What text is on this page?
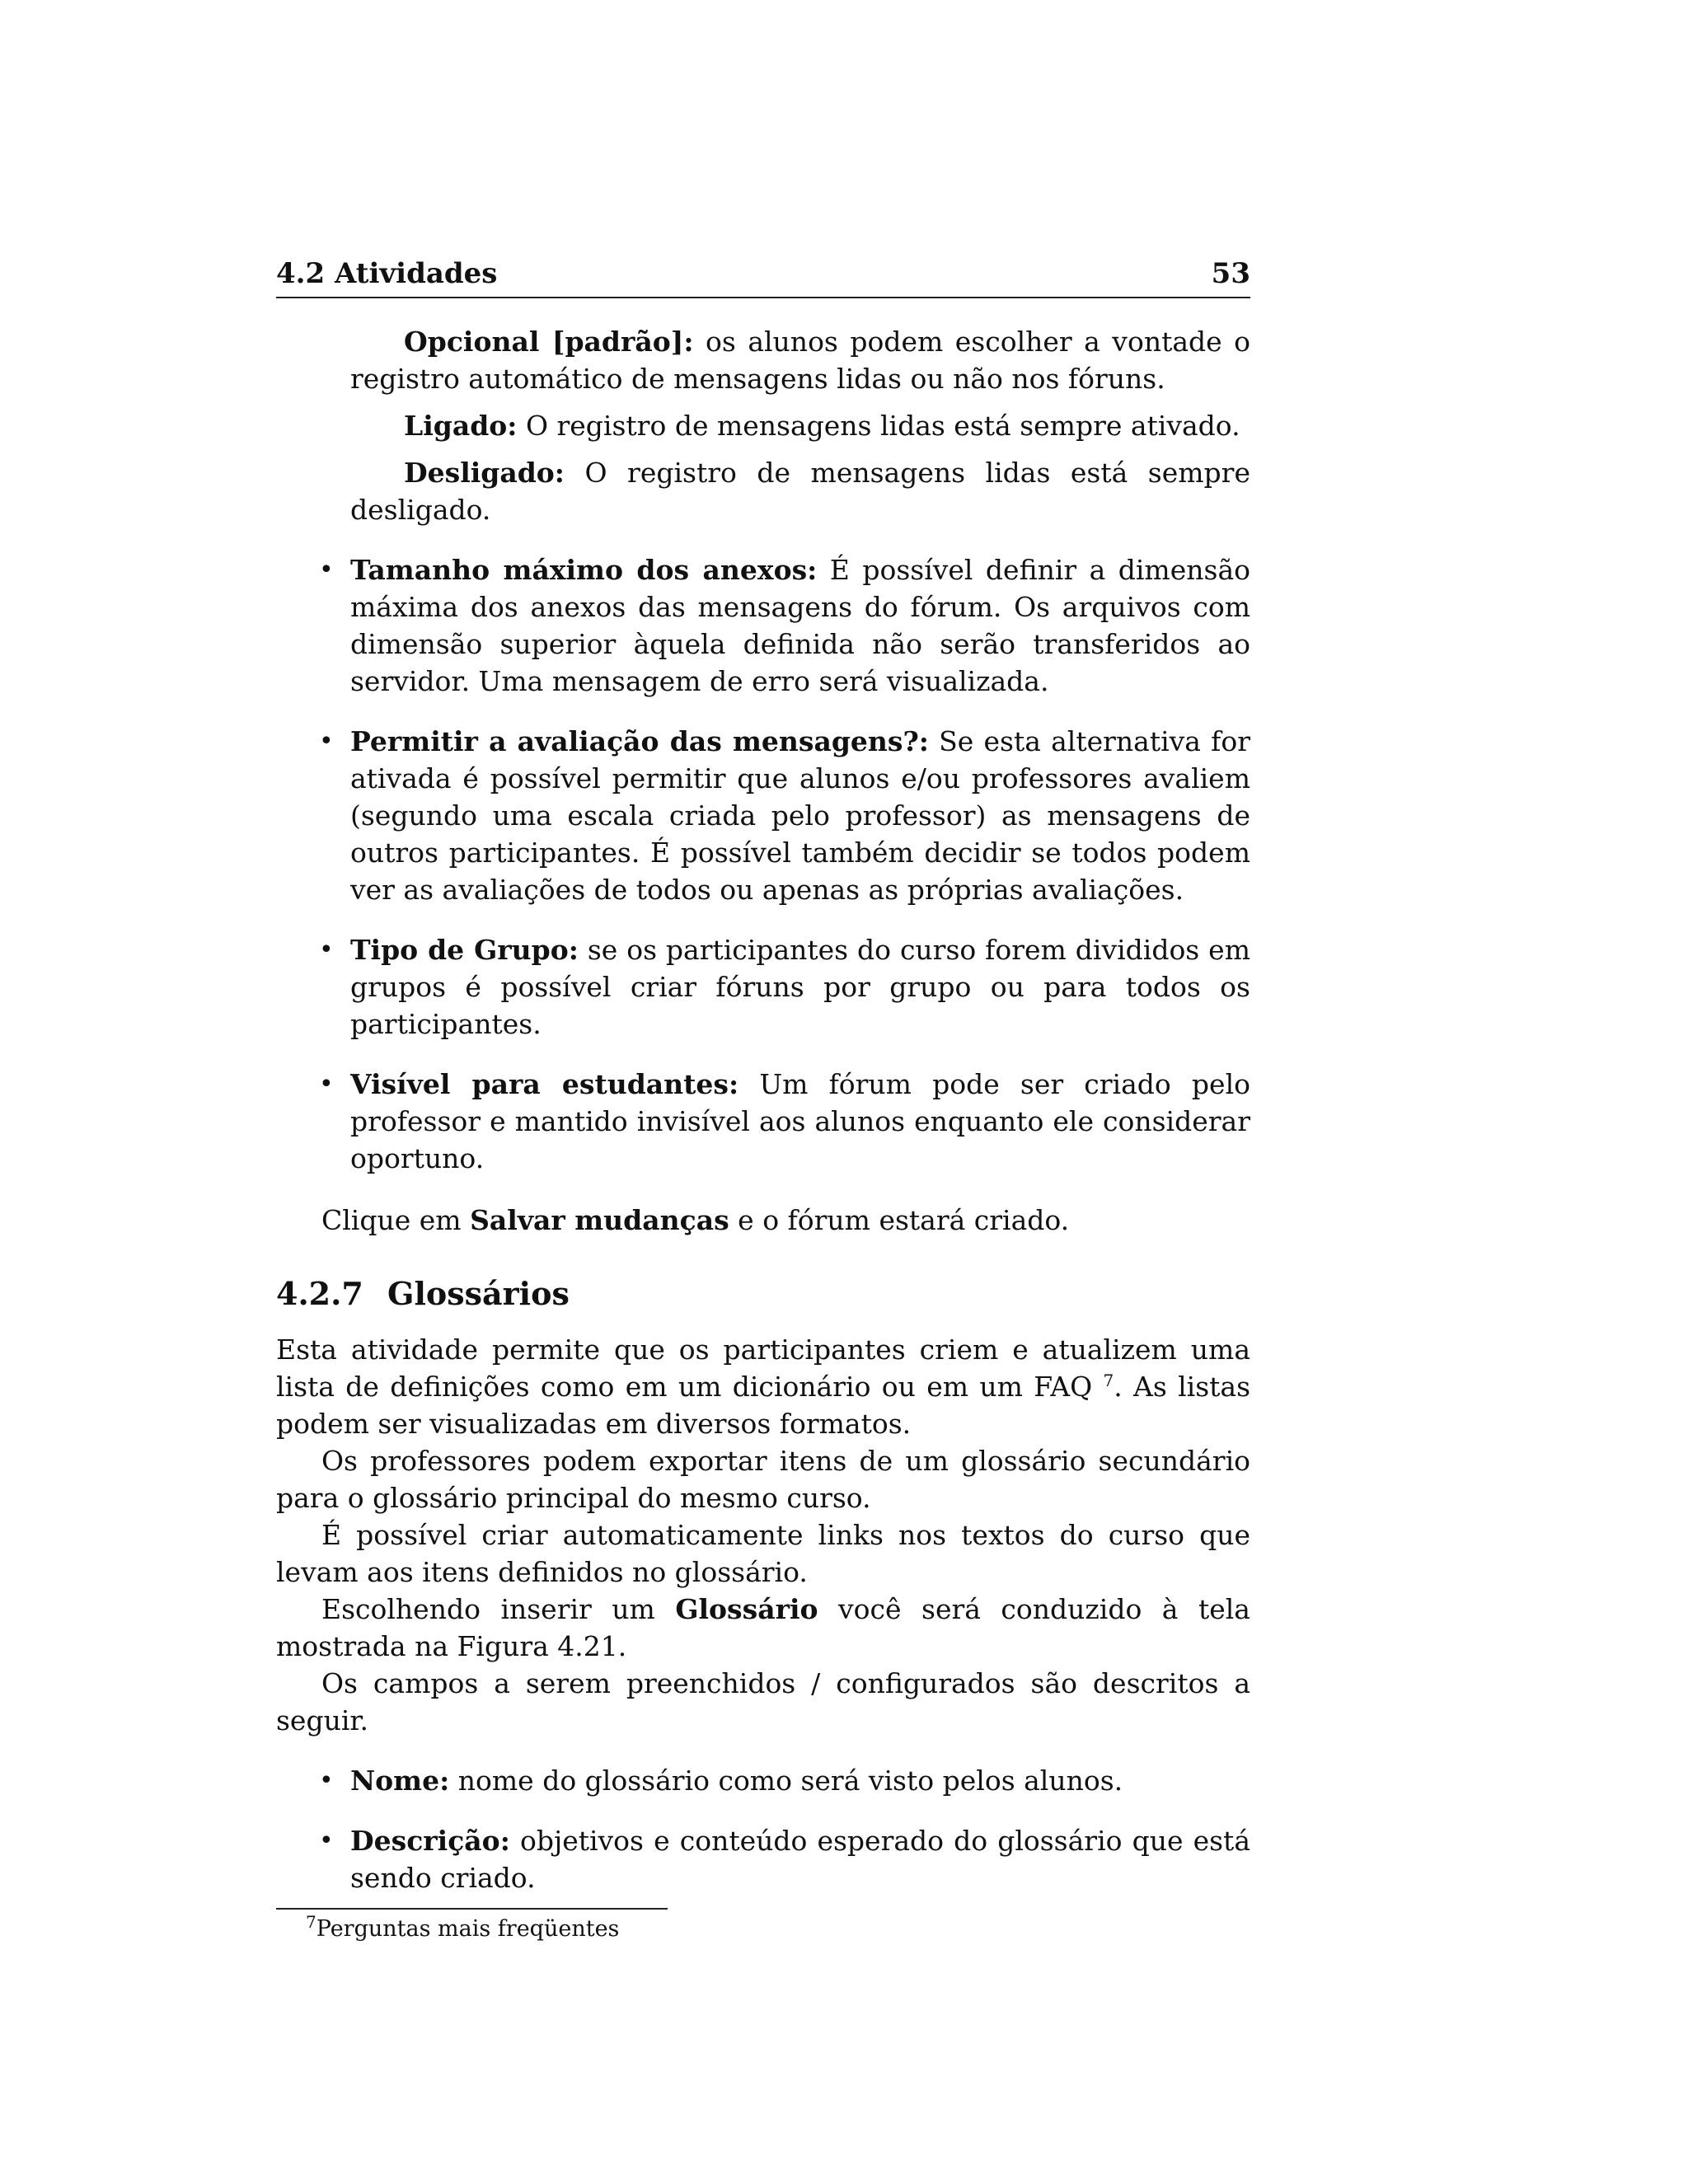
4.2 Atividades	53

Opcional [padrão]: os alunos podem escolher a vontade o registro automático de mensagens lidas ou não nos fóruns.

Ligado: O registro de mensagens lidas está sempre ativado.

Desligado: O registro de mensagens lidas está sempre desligado.

• Tamanho máximo dos anexos: É possível definir a dimensão máxima dos anexos das mensagens do fórum. Os arquivos com dimensão superior àquela definida não serão transferidos ao servidor. Uma mensagem de erro será visualizada.
• Permitir a avaliação das mensagens?: Se esta alternativa for ativada é possível permitir que alunos e/ou professores avaliem (segundo uma escala criada pelo professor) as mensagens de outros participantes. É possível também decidir se todos podem ver as avaliações de todos ou apenas as próprias avaliações.
• Tipo de Grupo: se os participantes do curso forem divididos em grupos é possível criar fóruns por grupo ou para todos os participantes.
• Visível para estudantes: Um fórum pode ser criado pelo professor e mantido invisível aos alunos enquanto ele considerar oportuno.

Clique em Salvar mudanças e o fórum estará criado.

4.2.7 Glossários

Esta atividade permite que os participantes criem e atualizem uma lista de definições como em um dicionário ou em um FAQ $^7$. As listas podem ser visualizadas em diversos formatos.

Os professores podem exportar itens de um glossário secundário para o glossário principal do mesmo curso.

É possível criar automaticamente links nos textos do curso que levam aos itens definidos no glossário.

Escolhendo inserir um Glossário você será conduzido à tela mostrada na Figura 4.21.

Os campos a serem preenchidos / configurados são descritos a seguir.

• Nome: nome do glossário como será visto pelos alunos.
• Descrição: objetivos e conteúdo esperado do glossário que está sendo criado.
$^7$Perguntas mais freqüentes
